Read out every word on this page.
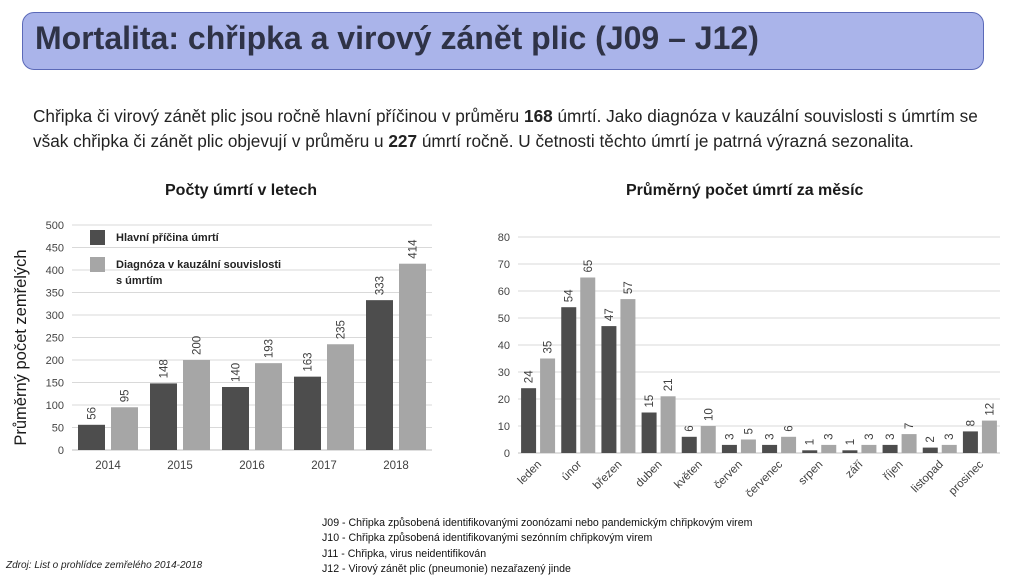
Mortalita: chřipka a virový zánět plic (J09 – J12)
Chřipka či virový zánět plic jsou ročně hlavní příčinou v průměru 168 úmrtí. Jako diagnóza v kauzální souvislosti s úmrtím se však chřipka či zánět plic objevují v průměru u 227 úmrtí ročně. U četnosti těchto úmrtí je patrná výrazná sezonalita.
Počty úmrtí v letech	Průměrný počet úmrtí za měsíc
0
50
100
150
200
250
300
350
400
450
500
56
95
2014
148
200
2015
140
193
2016
163
235
2017
333
414
2018
Průměrný počet zemřelých
Hlavní příčina úmrtí
Diagnóza v kauzální souvislosti
s úmrtím
0
10
20
30
40
50
60
70
80
24
35
leden
54
65
únor
47
57
březen
15
21
duben
6
10
květen
3
5
červen
3
6
červenec
1
3
srpen
1
3
září
3
7
říjen
2 3
listopad
8
12
prosinec
J09 - Chřipka způsobená identifikovanými zoonózami nebo pandemickým chřipkovým virem
J10 - Chřipka způsobená identifikovanými sezónním chřipkovým virem
J11 - Chřipka, virus neidentifikován
J12 - Virový zánět plic (pneumonie) nezařazený jinde
Zdroj: List o prohlídce zemřelého 2014-2018
